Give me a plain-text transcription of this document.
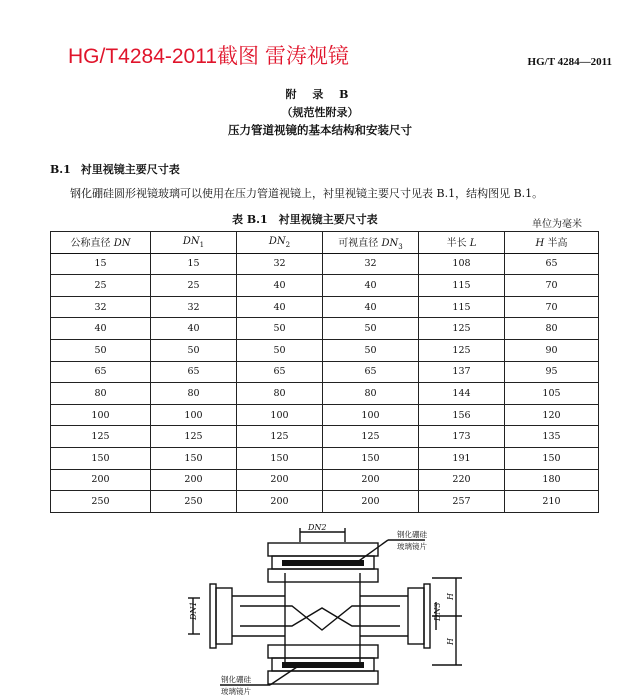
HG/T4284-2011截图 雷涛视镜	HG/T 4284—2011
附 录 B
（规范性附录）
压力管道视镜的基本结构和安装尺寸
B.1 衬里视镜主要尺寸表
钢化硼硅圆形视镜玻璃可以使用在压力管道视镜上，衬里视镜主要尺寸见表 B.1，结构图见 B.1。
表 B.1　衬里视镜主要尺寸表	单位为毫米
公称直径 DN	$DN_1$	$DN_2$	可视直径 $DN_3$	半长 L	H 半高
15	15	32	32	108	65
25	25	40	40	115	70
32	32	40	40	115	70
40	40	50	50	125	80
50	50	50	50	125	90
65	65	65	65	137	95
80	80	80	80	144	105
100	100	100	100	156	120
125	125	125	125	173	135
150	150	150	150	191	150
200	200	200	200	220	180
250	250	200	200	257	210
DN2
DN1	DN3
H
H
钢化硼硅
玻璃镜片
钢化硼硅
玻璃镜片
